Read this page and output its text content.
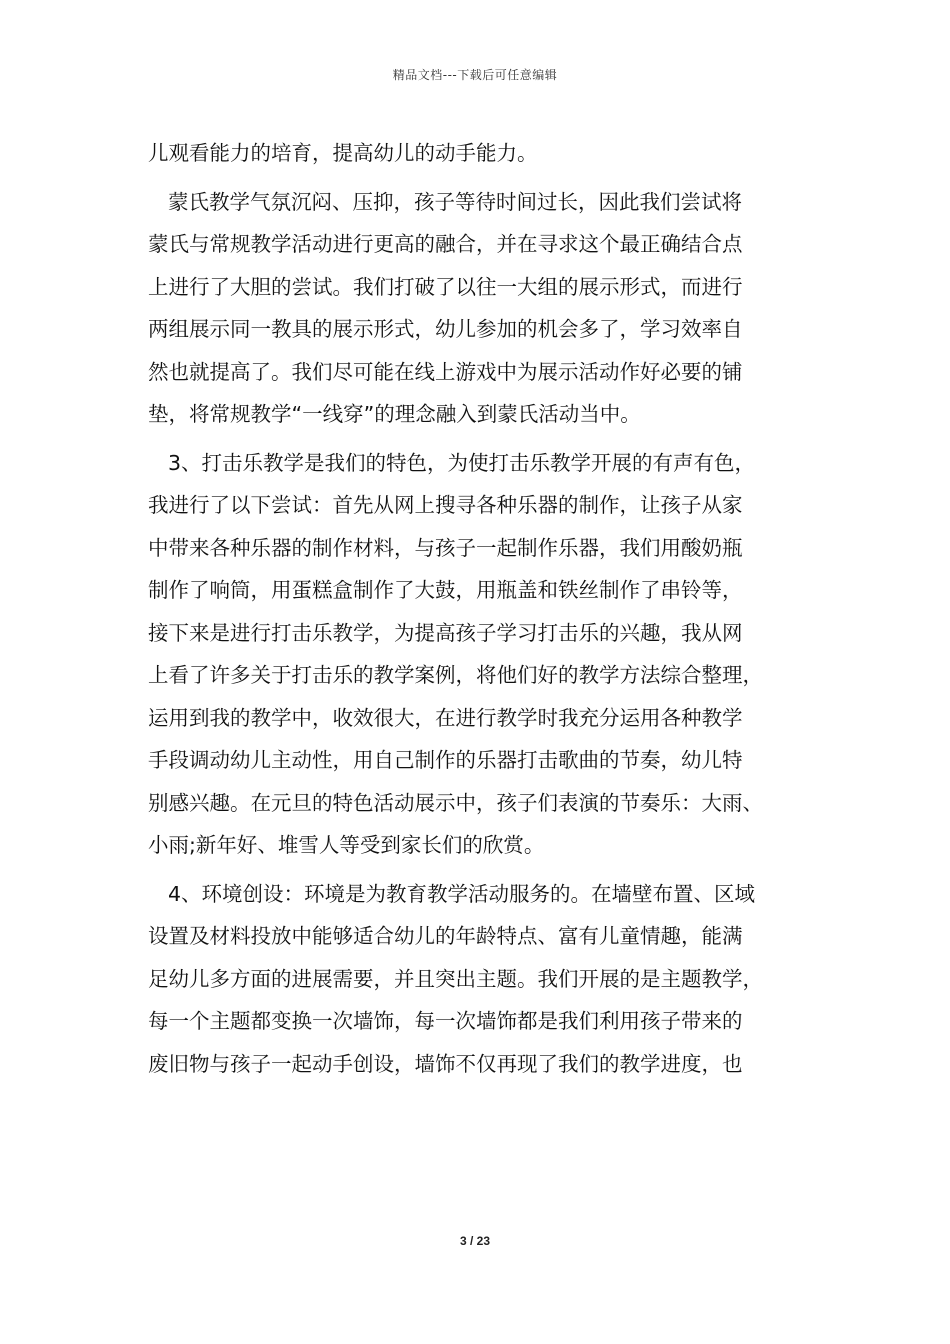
精品文档---下载后可任意编辑
儿观看能力的培育，提高幼儿的动手能力。
蒙氏教学气氛沉闷、压抑，孩子等待时间过长，因此我们尝试将
蒙氏与常规教学活动进行更高的融合，并在寻求这个最正确结合点
上进行了大胆的尝试。我们打破了以往一大组的展示形式，而进行
两组展示同一教具的展示形式，幼儿参加的机会多了，学习效率自
然也就提高了。我们尽可能在线上游戏中为展示活动作好必要的铺
垫，将常规教学“一线穿”的理念融入到蒙氏活动当中。
3、打击乐教学是我们的特色，为使打击乐教学开展的有声有色，
我进行了以下尝试：首先从网上搜寻各种乐器的制作，让孩子从家
中带来各种乐器的制作材料，与孩子一起制作乐器，我们用酸奶瓶
制作了响筒，用蛋糕盒制作了大鼓，用瓶盖和铁丝制作了串铃等，
接下来是进行打击乐教学，为提高孩子学习打击乐的兴趣，我从网
上看了许多关于打击乐的教学案例，将他们好的教学方法综合整理，
运用到我的教学中，收效很大，在进行教学时我充分运用各种教学
手段调动幼儿主动性，用自己制作的乐器打击歌曲的节奏，幼儿特
别感兴趣。在元旦的特色活动展示中，孩子们表演的节奏乐：大雨、
小雨;新年好、堆雪人等受到家长们的欣赏。
4、环境创设：环境是为教育教学活动服务的。在墙壁布置、区域
设置及材料投放中能够适合幼儿的年龄特点、富有儿童情趣，能满
足幼儿多方面的进展需要，并且突出主题。我们开展的是主题教学，
每一个主题都变换一次墙饰，每一次墙饰都是我们利用孩子带来的
废旧物与孩子一起动手创设，墙饰不仅再现了我们的教学进度，也
3 / 23
